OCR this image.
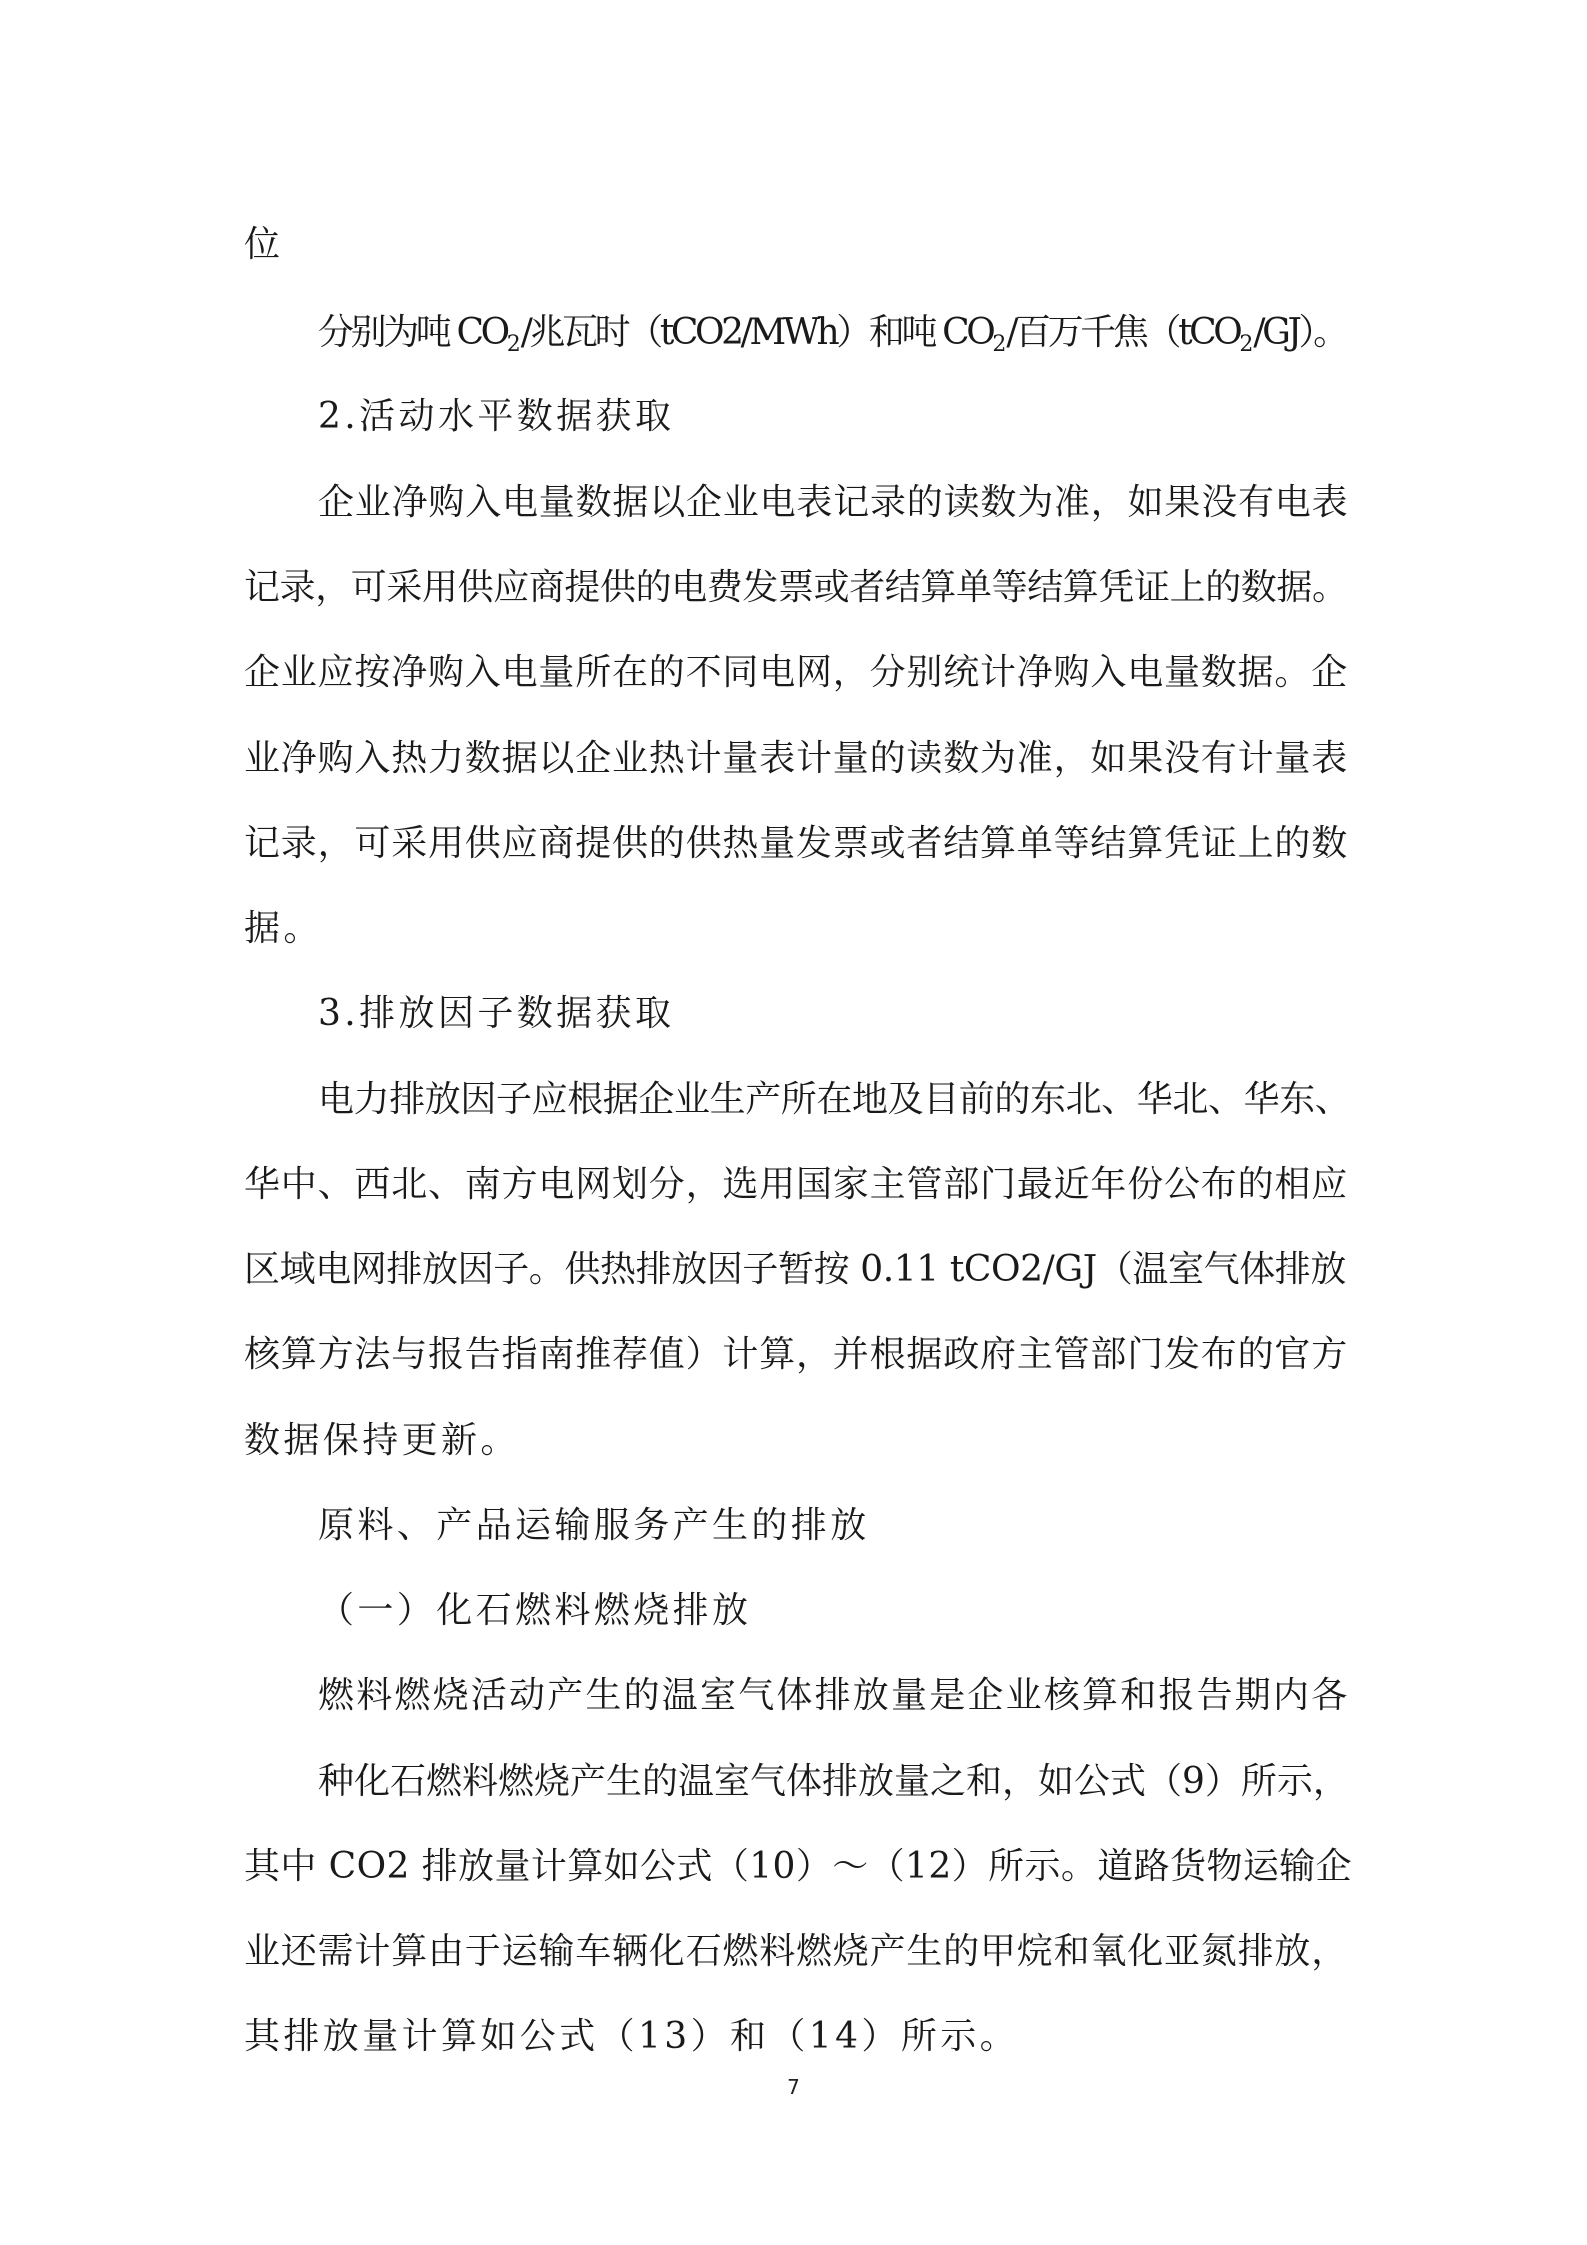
位
分别为吨 $CO_2/$兆瓦时（tCO2/MWh）和吨 $CO_2/$百万千焦（tCO$_2$/GJ）。
2.活动水平数据获取
企业净购入电量数据以企业电表记录的读数为准，如果没有电表
记录，可采用供应商提供的电费发票或者结算单等结算凭证上的数据。
企业应按净购入电量所在的不同电网，分别统计净购入电量数据。企
业净购入热力数据以企业热计量表计量的读数为准，如果没有计量表
记录，可采用供应商提供的供热量发票或者结算单等结算凭证上的数
据。
3.排放因子数据获取
电力排放因子应根据企业生产所在地及目前的东北、华北、华东、
华中、西北、南方电网划分，选用国家主管部门最近年份公布的相应
区域电网排放因子。供热排放因子暂按 0.11 tCO2/GJ（温室气体排放
核算方法与报告指南推荐值）计算，并根据政府主管部门发布的官方
数据保持更新。
原料、产品运输服务产生的排放
（一）化石燃料燃烧排放
燃料燃烧活动产生的温室气体排放量是企业核算和报告期内各
种化石燃料燃烧产生的温室气体排放量之和，如公式（9）所示，
其中 CO2 排放量计算如公式（10）～（12）所示。道路货物运输企
业还需计算由于运输车辆化石燃料燃烧产生的甲烷和氧化亚氮排放，
其排放量计算如公式（13）和（14）所示。
7
